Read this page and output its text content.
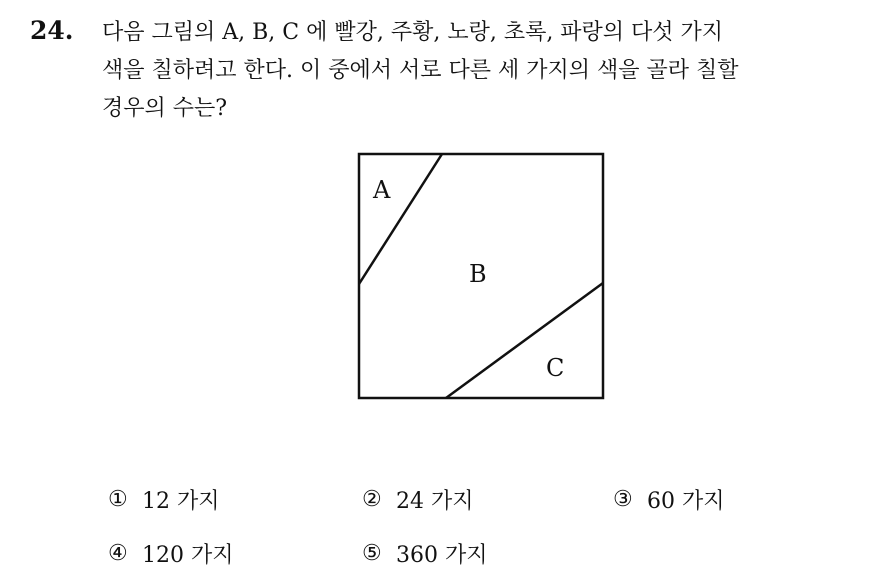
24. 다음 그림의 A, B, C 에 빨강, 주황, 노랑, 초록, 파랑의 다섯 가지
색을 칠하려고 한다. 이 중에서 서로 다른 세 가지의 색을 골라 칠할
경우의 수는?

A
B
C
① 12 가지	② 24 가지	③ 60 가지
④ 120 가지	⑤ 360 가지
